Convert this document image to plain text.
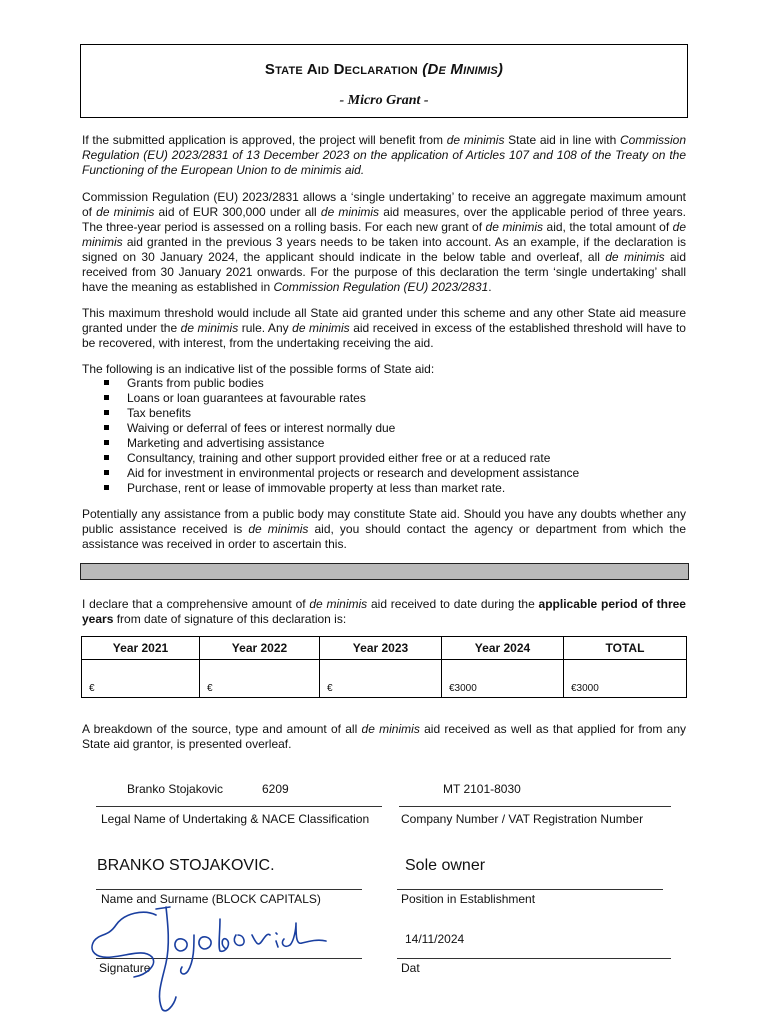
State Aid Declaration (De Minimis)
- Micro Grant -

If the submitted application is approved, the project will benefit from de minimis State aid in line with Commission Regulation (EU) 2023/2831 of 13 December 2023 on the application of Articles 107 and 108 of the Treaty on the Functioning of the European Union to de minimis aid.

Commission Regulation (EU) 2023/2831 allows a ‘single undertaking’ to receive an aggregate maximum amount of de minimis aid of EUR 300,000 under all de minimis aid measures, over the applicable period of three years. The three-year period is assessed on a rolling basis. For each new grant of de minimis aid, the total amount of de minimis aid granted in the previous 3 years needs to be taken into account. As an example, if the declaration is signed on 30 January 2024, the applicant should indicate in the below table and overleaf, all de minimis aid received from 30 January 2021 onwards. For the purpose of this declaration the term ‘single undertaking’ shall have the meaning as established in Commission Regulation (EU) 2023/2831.

This maximum threshold would include all State aid granted under this scheme and any other State aid measure granted under the de minimis rule. Any de minimis aid received in excess of the established threshold will have to be recovered, with interest, from the undertaking receiving the aid.

The following is an indicative list of the possible forms of State aid:

Grants from public bodies
Loans or loan guarantees at favourable rates
Tax benefits
Waiving or deferral of fees or interest normally due
Marketing and advertising assistance
Consultancy, training and other support provided either free or at a reduced rate
Aid for investment in environmental projects or research and development assistance
Purchase, rent or lease of immovable property at less than market rate.

Potentially any assistance from a public body may constitute State aid. Should you have any doubts whether any public assistance received is de minimis aid, you should contact the agency or department from which the assistance was received in order to ascertain this.

I declare that a comprehensive amount of de minimis aid received to date during the applicable period of three years from date of signature of this declaration is:

Year 2021	Year 2022	Year 2023	Year 2024	TOTAL
€	€	€	€3000	€3000

A breakdown of the source, type and amount of all de minimis aid received as well as that applied for from any State aid grantor, is presented overleaf.

Branko Stojakovic	6209	MT 2101-8030
Legal Name of Undertaking & NACE Classification	Company Number / VAT Registration Number
BRANKO STOJAKOVIC.	Sole owner
Name and Surname (BLOCK CAPITALS)	Position in Establishment
14/11/2024
Signature	Dat
